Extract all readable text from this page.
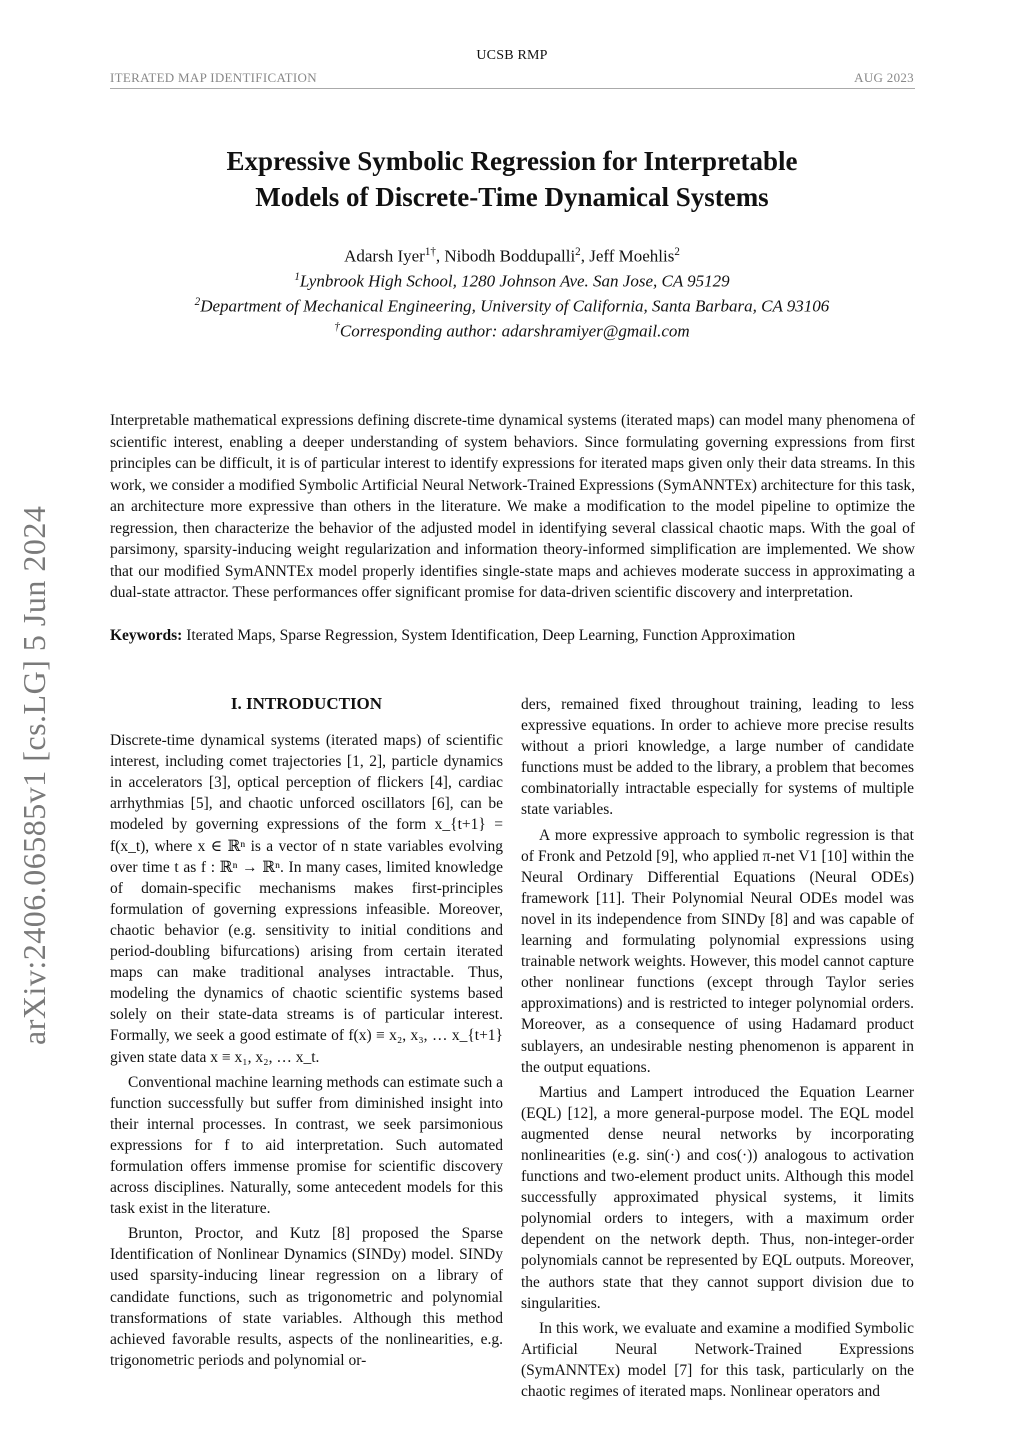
UCSB RMP
ITERATED MAP IDENTIFICATION	AUG 2023
arXiv:2406.06585v1 [cs.LG] 5 Jun 2024
Expressive Symbolic Regression for Interpretable
Models of Discrete-Time Dynamical Systems
Adarsh Iyer$^{1\dagger}$, Nibodh Boddupalli$^2$, Jeff Moehlis$^2$
$^1$Lynbrook High School, 1280 Johnson Ave. San Jose, CA 95129
$^2$Department of Mechanical Engineering, University of California, Santa Barbara, CA 93106
†Corresponding author: adarshramiyer@gmail.com
Interpretable mathematical expressions defining discrete-time dynamical systems (iterated maps) can model many phenomena of scientific interest, enabling a deeper understanding of system behaviors. Since formulating governing expressions from first principles can be difficult, it is of particular interest to identify expressions for iterated maps given only their data streams. In this work, we consider a modified Symbolic Artificial Neural Network-Trained Expressions (SymANNTEx) architecture for this task, an architecture more expressive than others in the literature. We make a modification to the model pipeline to optimize the regression, then characterize the behavior of the adjusted model in identifying several classical chaotic maps. With the goal of parsimony, sparsity-inducing weight regularization and information theory-informed simplification are implemented. We show that our modified SymANNTEx model properly identifies single-state maps and achieves moderate success in approximating a dual-state attractor. These performances offer significant promise for data-driven scientific discovery and interpretation.
Keywords: Iterated Maps, Sparse Regression, System Identification, Deep Learning, Function Approximation
I. INTRODUCTION

Discrete-time dynamical systems (iterated maps) of scientific interest, including comet trajectories [1, 2], particle dynamics in accelerators [3], optical perception of flickers [4], cardiac arrhythmias [5], and chaotic unforced oscillators [6], can be modeled by governing expressions of the form x_{t+1} = f(x_t), where x ∈ ℝⁿ is a vector of n state variables evolving over time t as f : ℝⁿ → ℝⁿ. In many cases, limited knowledge of domain-specific mechanisms makes first-principles formulation of governing expressions infeasible. Moreover, chaotic behavior (e.g. sensitivity to initial conditions and period-doubling bifurcations) arising from certain iterated maps can make traditional analyses intractable. Thus, modeling the dynamics of chaotic scientific systems based solely on their state-data streams is of particular interest. Formally, we seek a good estimate of f(x) ≡ x₂, x₃, … x_{t+1} given state data x ≡ x₁, x₂, … x_t.

Conventional machine learning methods can estimate such a function successfully but suffer from diminished insight into their internal processes. In contrast, we seek parsimonious expressions for f to aid interpretation. Such automated formulation offers immense promise for scientific discovery across disciplines. Naturally, some antecedent models for this task exist in the literature.

Brunton, Proctor, and Kutz [8] proposed the Sparse Identification of Nonlinear Dynamics (SINDy) model. SINDy used sparsity-inducing linear regression on a library of candidate functions, such as trigonometric and polynomial transformations of state variables. Although this method achieved favorable results, aspects of the nonlinearities, e.g. trigonometric periods and polynomial or-

ders, remained fixed throughout training, leading to less expressive equations. In order to achieve more precise results without a priori knowledge, a large number of candidate functions must be added to the library, a problem that becomes combinatorially intractable especially for systems of multiple state variables.

A more expressive approach to symbolic regression is that of Fronk and Petzold [9], who applied π-net V1 [10] within the Neural Ordinary Differential Equations (Neural ODEs) framework [11]. Their Polynomial Neural ODEs model was novel in its independence from SINDy [8] and was capable of learning and formulating polynomial expressions using trainable network weights. However, this model cannot capture other nonlinear functions (except through Taylor series approximations) and is restricted to integer polynomial orders. Moreover, as a consequence of using Hadamard product sublayers, an undesirable nesting phenomenon is apparent in the output equations.

Martius and Lampert introduced the Equation Learner (EQL) [12], a more general-purpose model. The EQL model augmented dense neural networks by incorporating nonlinearities (e.g. sin(·) and cos(·)) analogous to activation functions and two-element product units. Although this model successfully approximated physical systems, it limits polynomial orders to integers, with a maximum order dependent on the network depth. Thus, non-integer-order polynomials cannot be represented by EQL outputs. Moreover, the authors state that they cannot support division due to singularities.

In this work, we evaluate and examine a modified Symbolic Artificial Neural Network-Trained Expressions (SymANNTEx) model [7] for this task, particularly on the chaotic regimes of iterated maps. Nonlinear operators and
